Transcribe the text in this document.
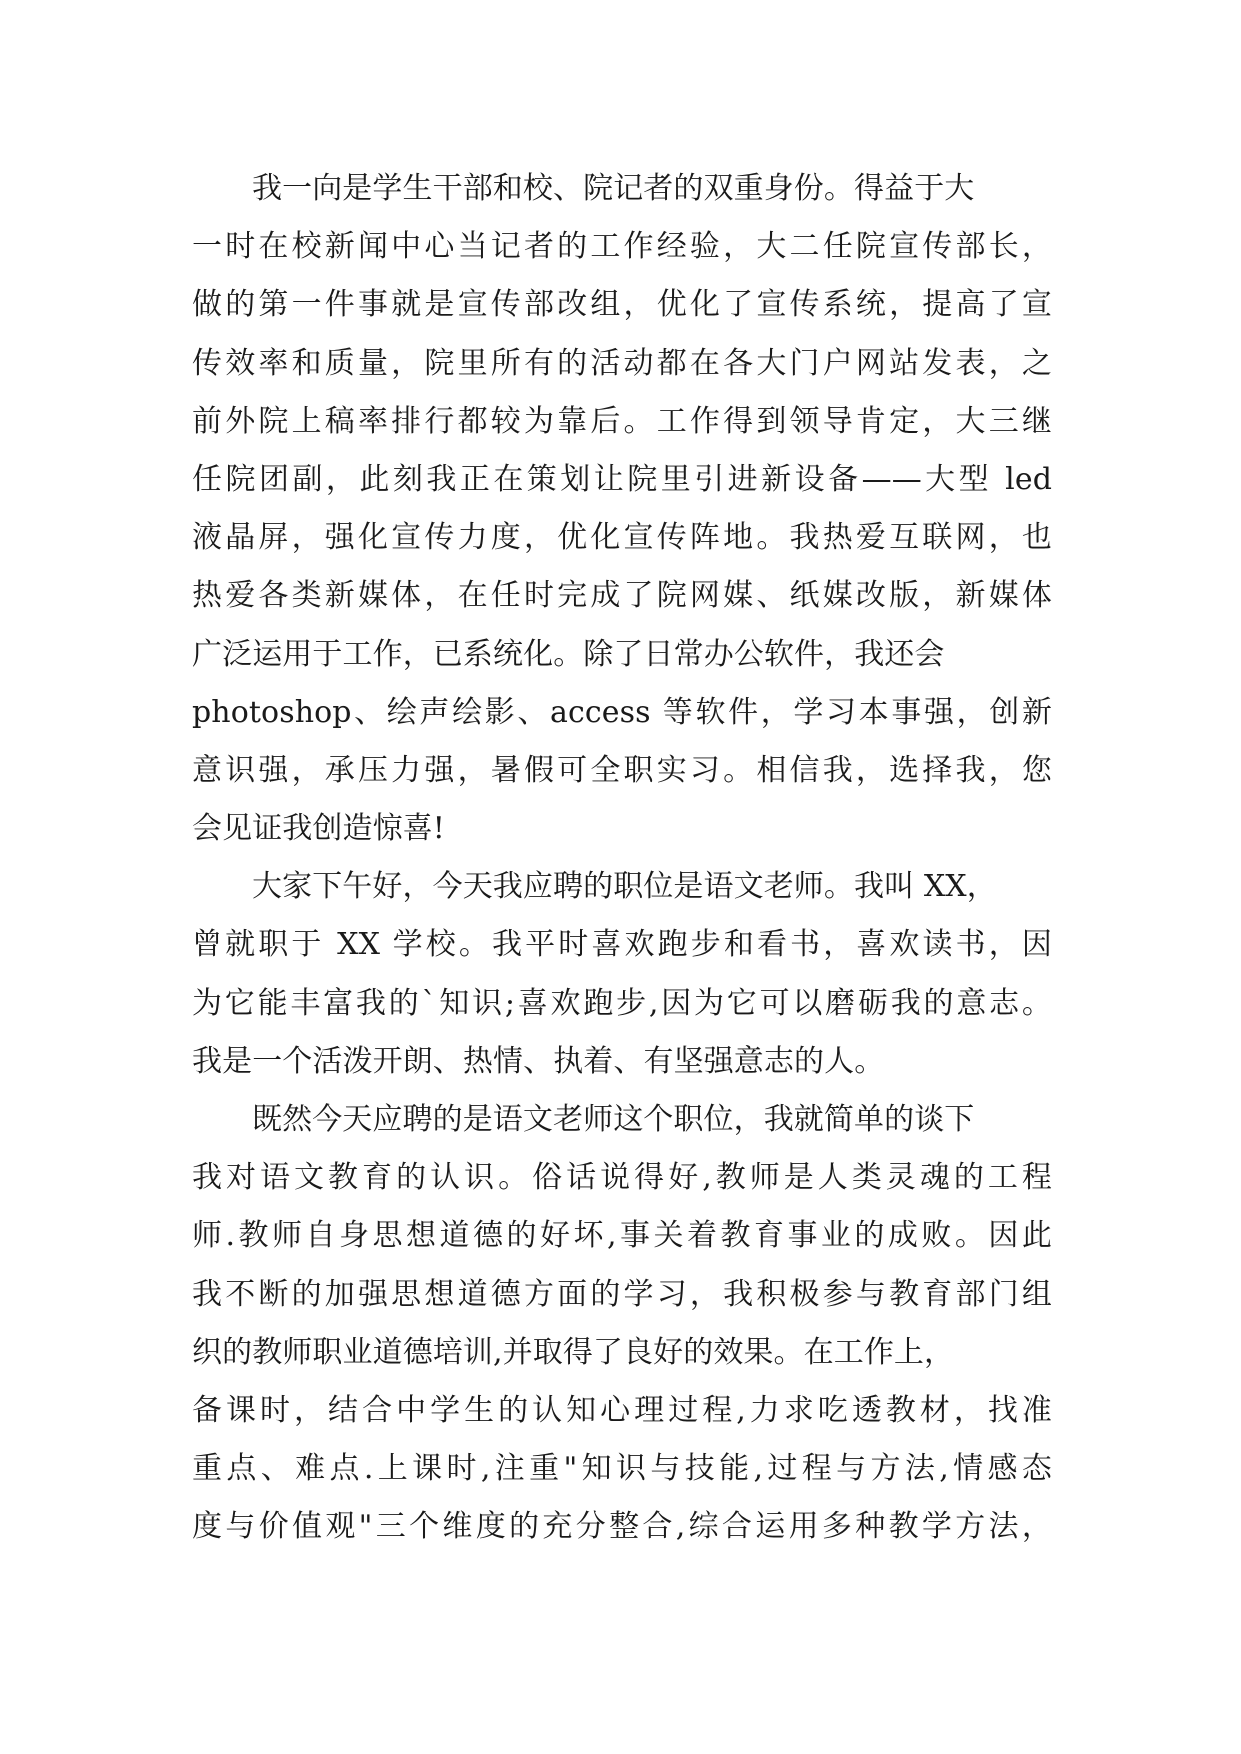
我一向是学生干部和校、院记者的双重身份。得益于大
一时在校新闻中心当记者的工作经验，大二任院宣传部长，
做的第一件事就是宣传部改组，优化了宣传系统，提高了宣
传效率和质量，院里所有的活动都在各大门户网站发表，之
前外院上稿率排行都较为靠后。工作得到领导肯定，大三继
任院团副，此刻我正在策划让院里引进新设备——大型 led
液晶屏，强化宣传力度，优化宣传阵地。我热爱互联网，也
热爱各类新媒体，在任时完成了院网媒、纸媒改版，新媒体
广泛运用于工作，已系统化。除了日常办公软件，我还会
photoshop、绘声绘影、access 等软件，学习本事强，创新
意识强，承压力强，暑假可全职实习。相信我，选择我，您
会见证我创造惊喜!
大家下午好，今天我应聘的职位是语文老师。我叫 XX，
曾就职于 XX 学校。我平时喜欢跑步和看书，喜欢读书，因
为它能丰富我的`知识;喜欢跑步,因为它可以磨砺我的意志。
我是一个活泼开朗、热情、执着、有坚强意志的人。
既然今天应聘的是语文老师这个职位，我就简单的谈下
我对语文教育的认识。俗话说得好,教师是人类灵魂的工程
师.教师自身思想道德的好坏,事关着教育事业的成败。因此
我不断的加强思想道德方面的学习，我积极参与教育部门组
织的教师职业道德培训,并取得了良好的效果。在工作上，
备课时，结合中学生的认知心理过程,力求吃透教材，找准
重点、难点.上课时,注重"知识与技能,过程与方法,情感态
度与价值观"三个维度的充分整合,综合运用多种教学方法，
